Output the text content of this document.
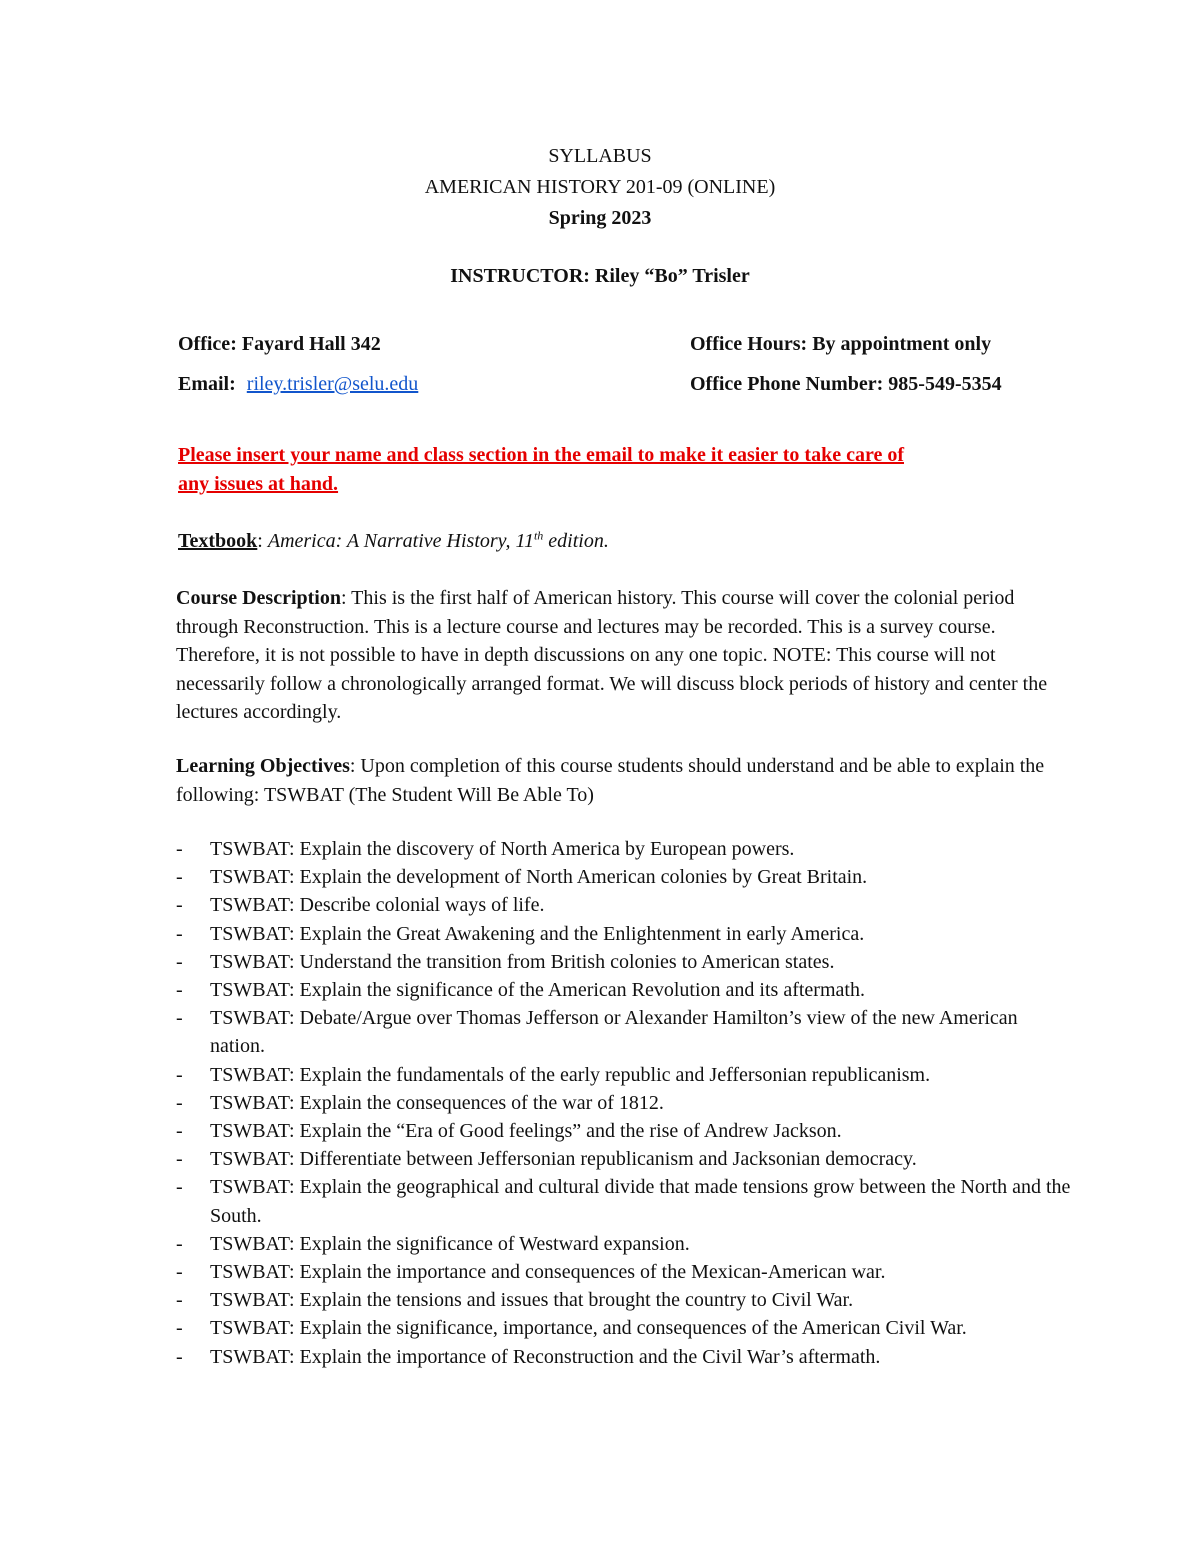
SYLLABUS
AMERICAN HISTORY 201-09 (ONLINE)
Spring 2023
INSTRUCTOR: Riley “Bo” Trisler
Office: Fayard Hall 342	Office Hours: By appointment only
Email: riley.trisler@selu.edu	Office Phone Number: 985-549-5354
Please insert your name and class section in the email to make it easier to take care of
any issues at hand.
Textbook: America: A Narrative History, 11th edition.
Course Description: This is the first half of American history. This course will cover the colonial period through Reconstruction. This is a lecture course and lectures may be recorded. This is a survey course. Therefore, it is not possible to have in depth discussions on any one topic. NOTE: This course will not necessarily follow a chronologically arranged format. We will discuss block periods of history and center the lectures accordingly.
Learning Objectives: Upon completion of this course students should understand and be able to explain the following: TSWBAT (The Student Will Be Able To)
- TSWBAT: Explain the discovery of North America by European powers.
- TSWBAT: Explain the development of North American colonies by Great Britain.
- TSWBAT: Describe colonial ways of life.
- TSWBAT: Explain the Great Awakening and the Enlightenment in early America.
- TSWBAT: Understand the transition from British colonies to American states.
- TSWBAT: Explain the significance of the American Revolution and its aftermath.
- TSWBAT: Debate/Argue over Thomas Jefferson or Alexander Hamilton’s view of the new American nation.
- TSWBAT: Explain the fundamentals of the early republic and Jeffersonian republicanism.
- TSWBAT: Explain the consequences of the war of 1812.
- TSWBAT: Explain the “Era of Good feelings” and the rise of Andrew Jackson.
- TSWBAT: Differentiate between Jeffersonian republicanism and Jacksonian democracy.
- TSWBAT: Explain the geographical and cultural divide that made tensions grow between the North and the South.
- TSWBAT: Explain the significance of Westward expansion.
- TSWBAT: Explain the importance and consequences of the Mexican-American war.
- TSWBAT: Explain the tensions and issues that brought the country to Civil War.
- TSWBAT: Explain the significance, importance, and consequences of the American Civil War.
- TSWBAT: Explain the importance of Reconstruction and the Civil War’s aftermath.
